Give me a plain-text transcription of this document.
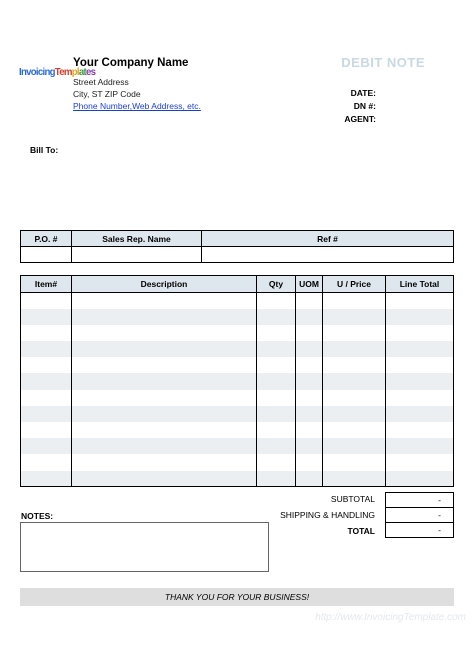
InvoicingTemplates
Your Company Name
Street Address
City, ST ZIP Code
Phone Number,Web Address, etc.
DEBIT NOTE
DATE:
DN #:
AGENT:
Bill To:
P.O. #	Sales Rep. Name	Ref #

Item#	Description	Qty	UOM	U / Price	Line Total

SUBTOTAL	-
SHIPPING & HANDLING	-
TOTAL	-
NOTES:
THANK YOU FOR YOUR BUSINESS!
http://www.InvoicingTemplate.com
